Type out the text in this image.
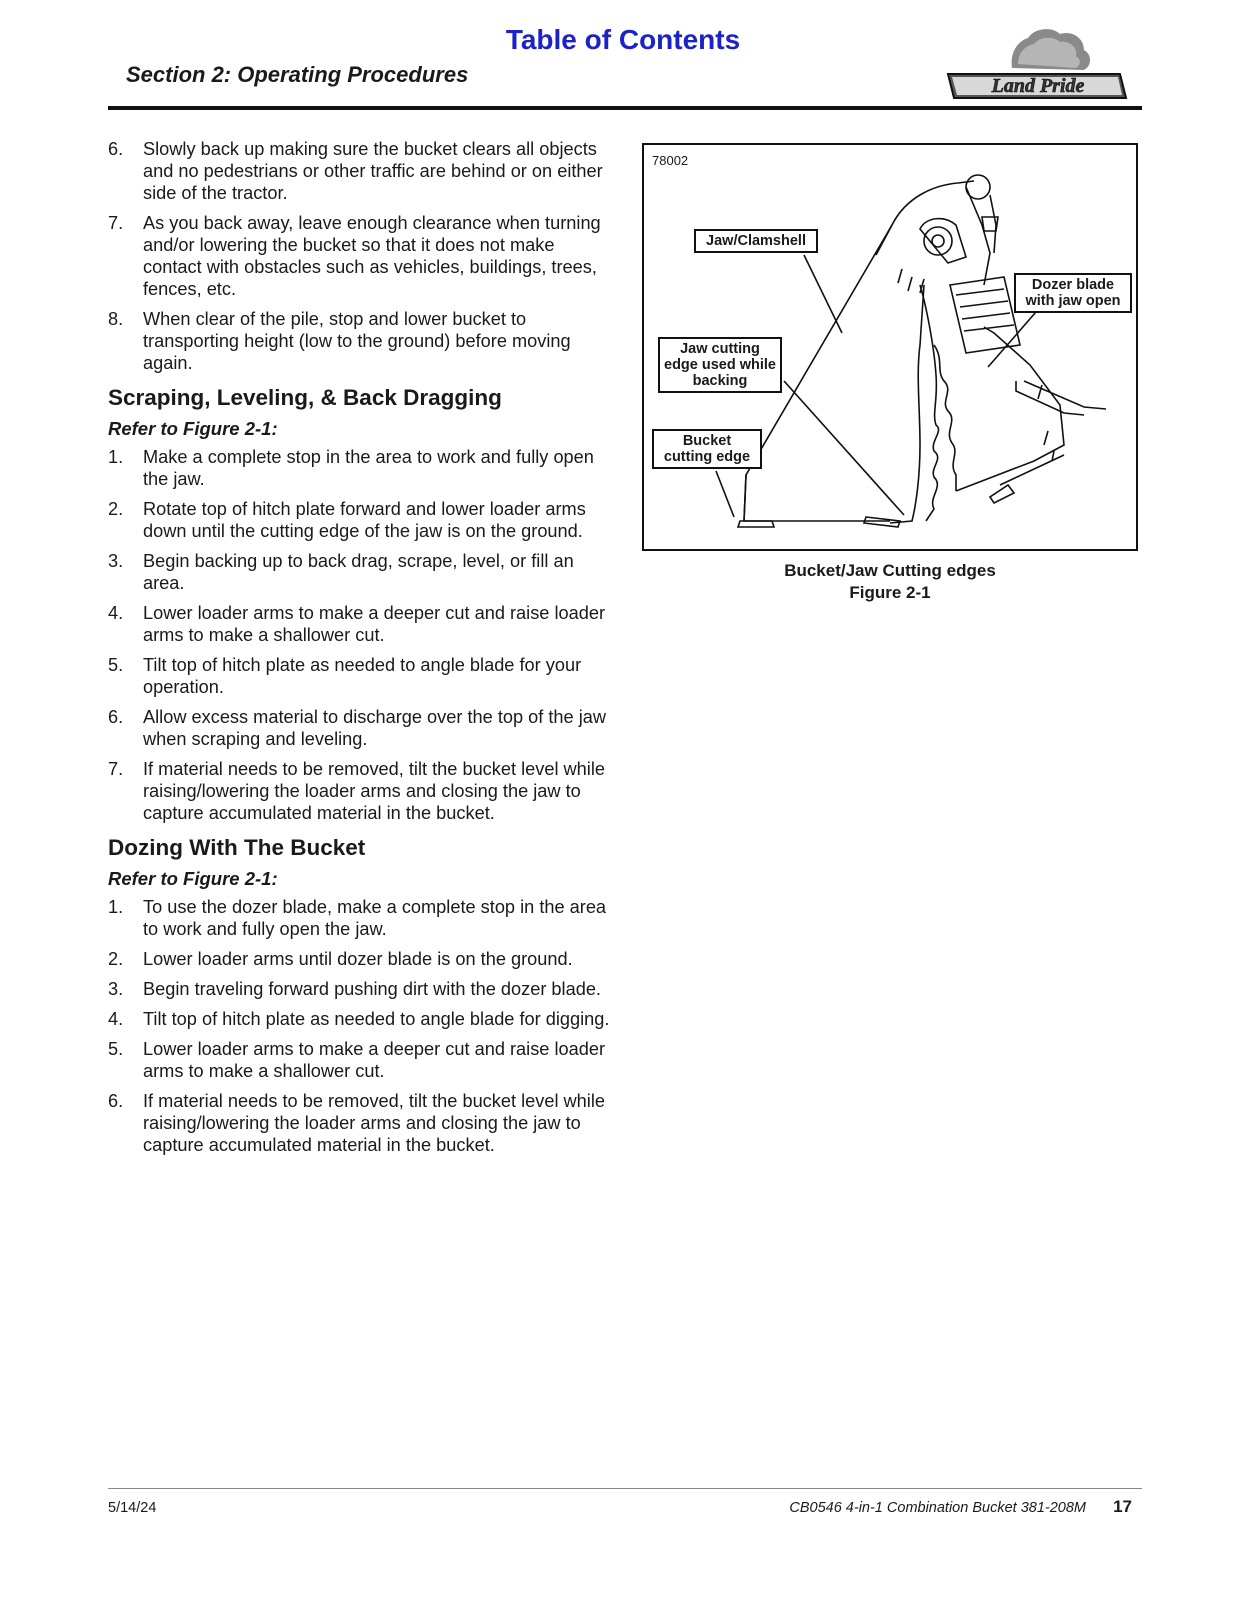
Table of Contents
Section 2: Operating Procedures	Land Pride
6. Slowly back up making sure the bucket clears all objects and no pedestrians or other traffic are behind or on either side of the tractor.
7. As you back away, leave enough clearance when turning and/or lowering the bucket so that it does not make contact with obstacles such as vehicles, buildings, trees, fences, etc.
8. When clear of the pile, stop and lower bucket to transporting height (low to the ground) before moving again.
Scraping, Leveling, & Back Dragging
Refer to Figure 2-1:
1. Make a complete stop in the area to work and fully open the jaw.
2. Rotate top of hitch plate forward and lower loader arms down until the cutting edge of the jaw is on the ground.
3. Begin backing up to back drag, scrape, level, or fill an area.
4. Lower loader arms to make a deeper cut and raise loader arms to make a shallower cut.
5. Tilt top of hitch plate as needed to angle blade for your operation.
6. Allow excess material to discharge over the top of the jaw when scraping and leveling.
7. If material needs to be removed, tilt the bucket level while raising/lowering the loader arms and closing the jaw to capture accumulated material in the bucket.
Dozing With The Bucket
Refer to Figure 2-1:
1. To use the dozer blade, make a complete stop in the area to work and fully open the jaw.
2. Lower loader arms until dozer blade is on the ground.
3. Begin traveling forward pushing dirt with the dozer blade.
4. Tilt top of hitch plate as needed to angle blade for digging.
5. Lower loader arms to make a deeper cut and raise loader arms to make a shallower cut.
6. If material needs to be removed, tilt the bucket level while raising/lowering the loader arms and closing the jaw to capture accumulated material in the bucket.
78002
Jaw/Clamshell
Dozer blade with jaw open
Jaw cutting edge used while backing
Bucket cutting edge
Bucket/Jaw Cutting edges
Figure 2-1
5/14/24	CB0546 4-in-1 Combination Bucket 381-208M 17
